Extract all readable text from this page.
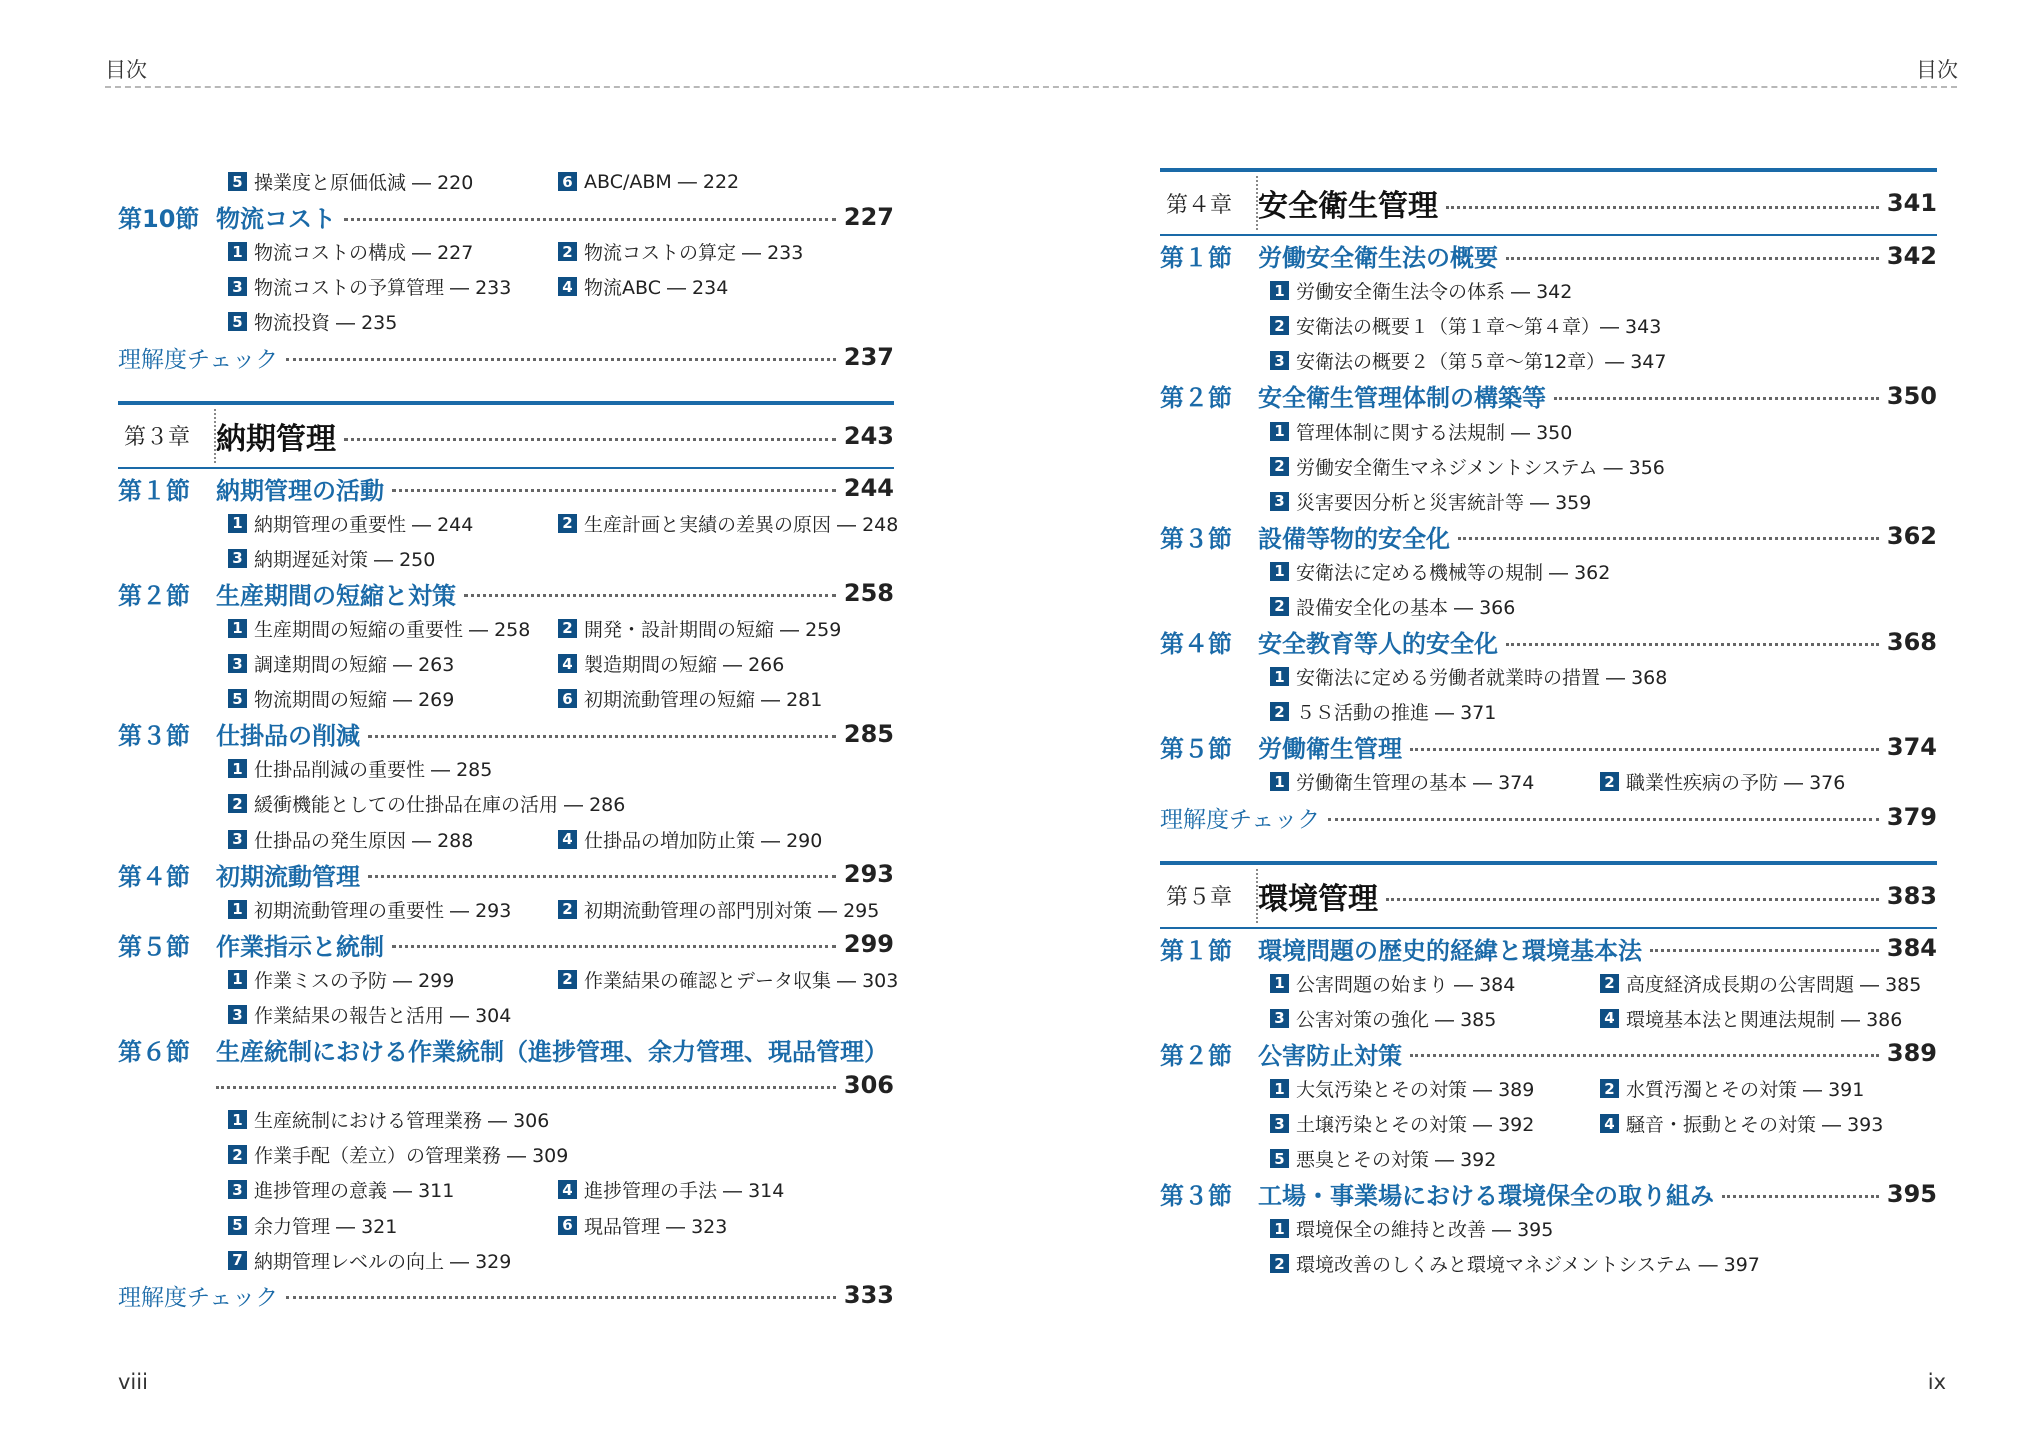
目次	目次
5 操業度と原価低減 ― 220	6 ABC/ABM ― 222
第10節 物流コスト	227
1 物流コストの構成 ― 227	2 物流コストの算定 ― 233
3 物流コストの予算管理 ― 233	4 物流ABC ― 234
5 物流投資 ― 235
理解度チェック	237
第３章 納期管理	243
第１節	納期管理の活動	244
1 納期管理の重要性 ― 244	2 生産計画と実績の差異の原因 ― 248
3 納期遅延対策 ― 250
第２節	生産期間の短縮と対策	258
1 生産期間の短縮の重要性 ― 258 2 開発・設計期間の短縮 ― 259
3 調達期間の短縮 ― 263	4 製造期間の短縮 ― 266
5 物流期間の短縮 ― 269	6 初期流動管理の短縮 ― 281
第３節	仕掛品の削減	285
1 仕掛品削減の重要性 ― 285
2 緩衝機能としての仕掛品在庫の活用 ― 286
3 仕掛品の発生原因 ― 288	4 仕掛品の増加防止策 ― 290
第４節	初期流動管理	293
1 初期流動管理の重要性 ― 293	2 初期流動管理の部門別対策 ― 295
第５節	作業指示と統制	299
1 作業ミスの予防 ― 299	2 作業結果の確認とデータ収集 ― 303
3 作業結果の報告と活用 ― 304
第６節	生産統制における作業統制（進捗管理、余力管理、現品管理）
306
1 生産統制における管理業務 ― 306
2 作業手配（差立）の管理業務 ― 309
3 進捗管理の意義 ― 311	4 進捗管理の手法 ― 314
5 余力管理 ― 321	6 現品管理 ― 323
7 納期管理レベルの向上 ― 329
理解度チェック	333
第４章 安全衛生管理	341
第１節	労働安全衛生法の概要	342
1 労働安全衛生法令の体系 ― 342
2 安衛法の概要１（第１章～第４章）― 343
3 安衛法の概要２（第５章～第12章）― 347
第２節	安全衛生管理体制の構築等	350
1 管理体制に関する法規制 ― 350
2 労働安全衛生マネジメントシステム ― 356
3 災害要因分析と災害統計等 ― 359
第３節	設備等物的安全化	362
1 安衛法に定める機械等の規制 ― 362
2 設備安全化の基本 ― 366
第４節	安全教育等人的安全化	368
1 安衛法に定める労働者就業時の措置 ― 368
2 ５Ｓ活動の推進 ― 371
第５節	労働衛生管理	374
1 労働衛生管理の基本 ― 374	2 職業性疾病の予防 ― 376
理解度チェック	379
第５章 環境管理	383
第１節	環境問題の歴史的経緯と環境基本法	384
1 公害問題の始まり ― 384	2 高度経済成長期の公害問題 ― 385
3 公害対策の強化 ― 385	4 環境基本法と関連法規制 ― 386
第２節	公害防止対策	389
1 大気汚染とその対策 ― 389	2 水質汚濁とその対策 ― 391
3 土壌汚染とその対策 ― 392	4 騒音・振動とその対策 ― 393
5 悪臭とその対策 ― 392
第３節	工場・事業場における環境保全の取り組み	395
1 環境保全の維持と改善 ― 395
2 環境改善のしくみと環境マネジメントシステム ― 397
viii	ix
